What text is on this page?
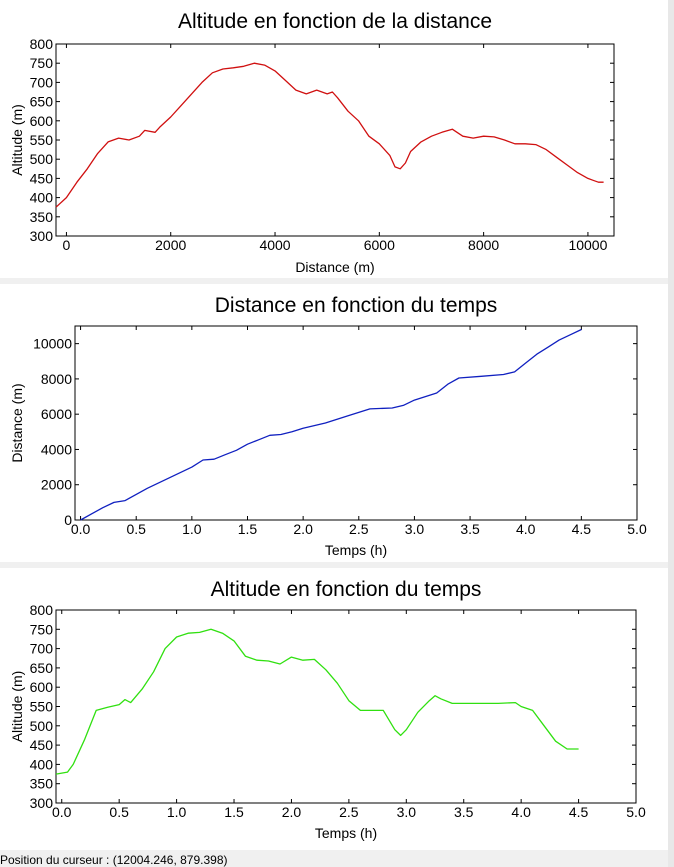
Altitude en fonction de la distance
0	2000	4000	6000	8000	10000
300
350
400
450
500
550
600
650
700
750
800
Distance (m)
Altitude (m)
Distance en fonction du temps
0.0	0.5	1.0	1.5	2.0	2.5	3.0	3.5	4.0	4.5	5.0
0
2000
4000
6000
8000
10000
Temps (h)
Distance (m)
Altitude en fonction du temps
0.0	0.5	1.0	1.5	2.0	2.5	3.0	3.5	4.0	4.5	5.0
300
350
400
450
500
550
600
650
700
750
800
Temps (h)
Altitude (m)
Position du curseur : (12004.246, 879.398)
